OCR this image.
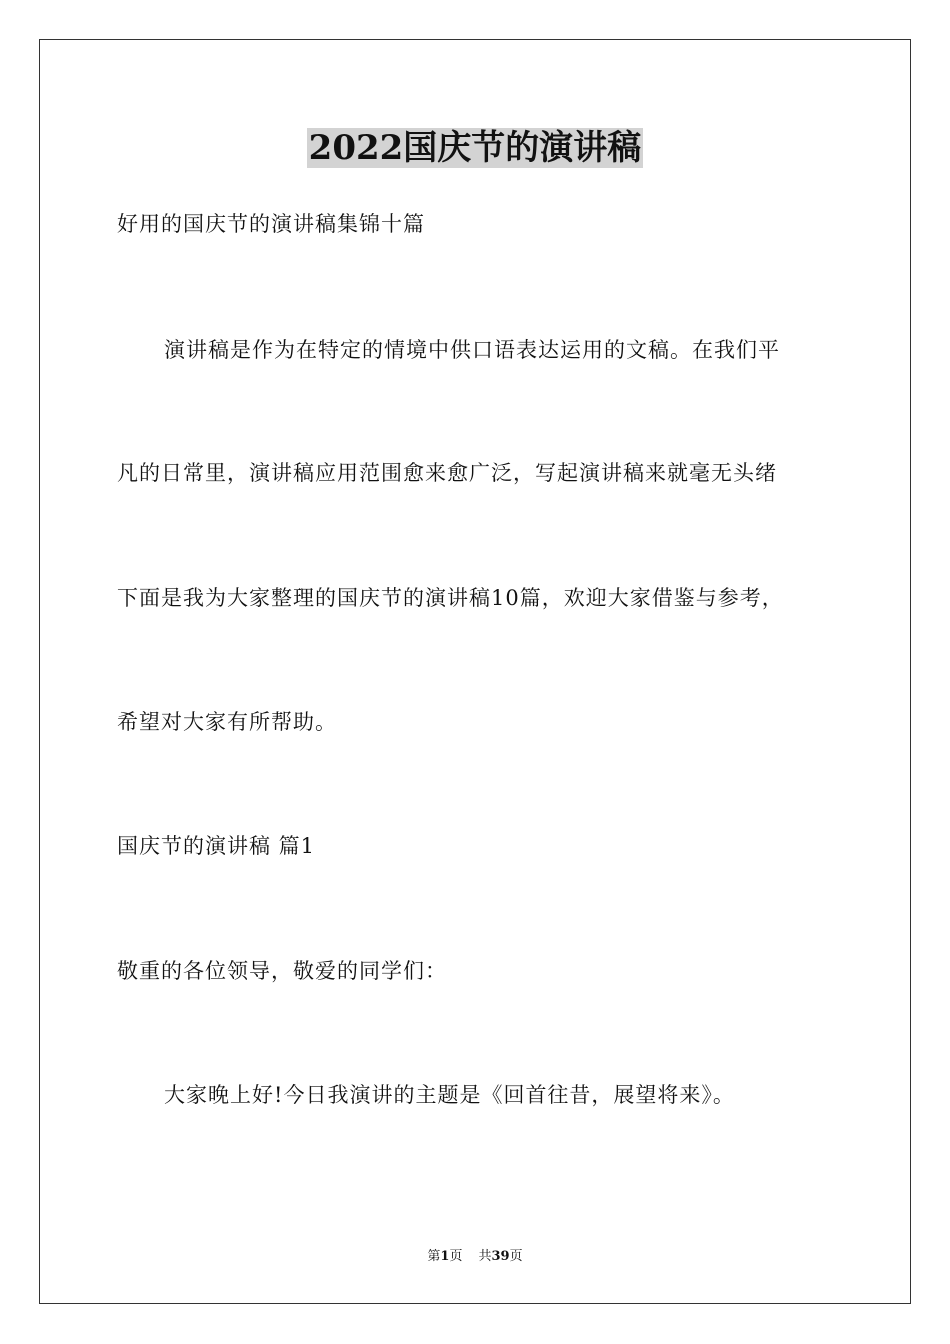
2022国庆节的演讲稿
好用的国庆节的演讲稿集锦十篇
演讲稿是作为在特定的情境中供口语表达运用的文稿。在我们平
凡的日常里，演讲稿应用范围愈来愈广泛，写起演讲稿来就毫无头绪
下面是我为大家整理的国庆节的演讲稿10篇，欢迎大家借鉴与参考，
希望对大家有所帮助。
国庆节的演讲稿 篇1
敬重的各位领导，敬爱的同学们：
大家晚上好!今日我演讲的主题是《回首往昔，展望将来》。
第1页 共39页
